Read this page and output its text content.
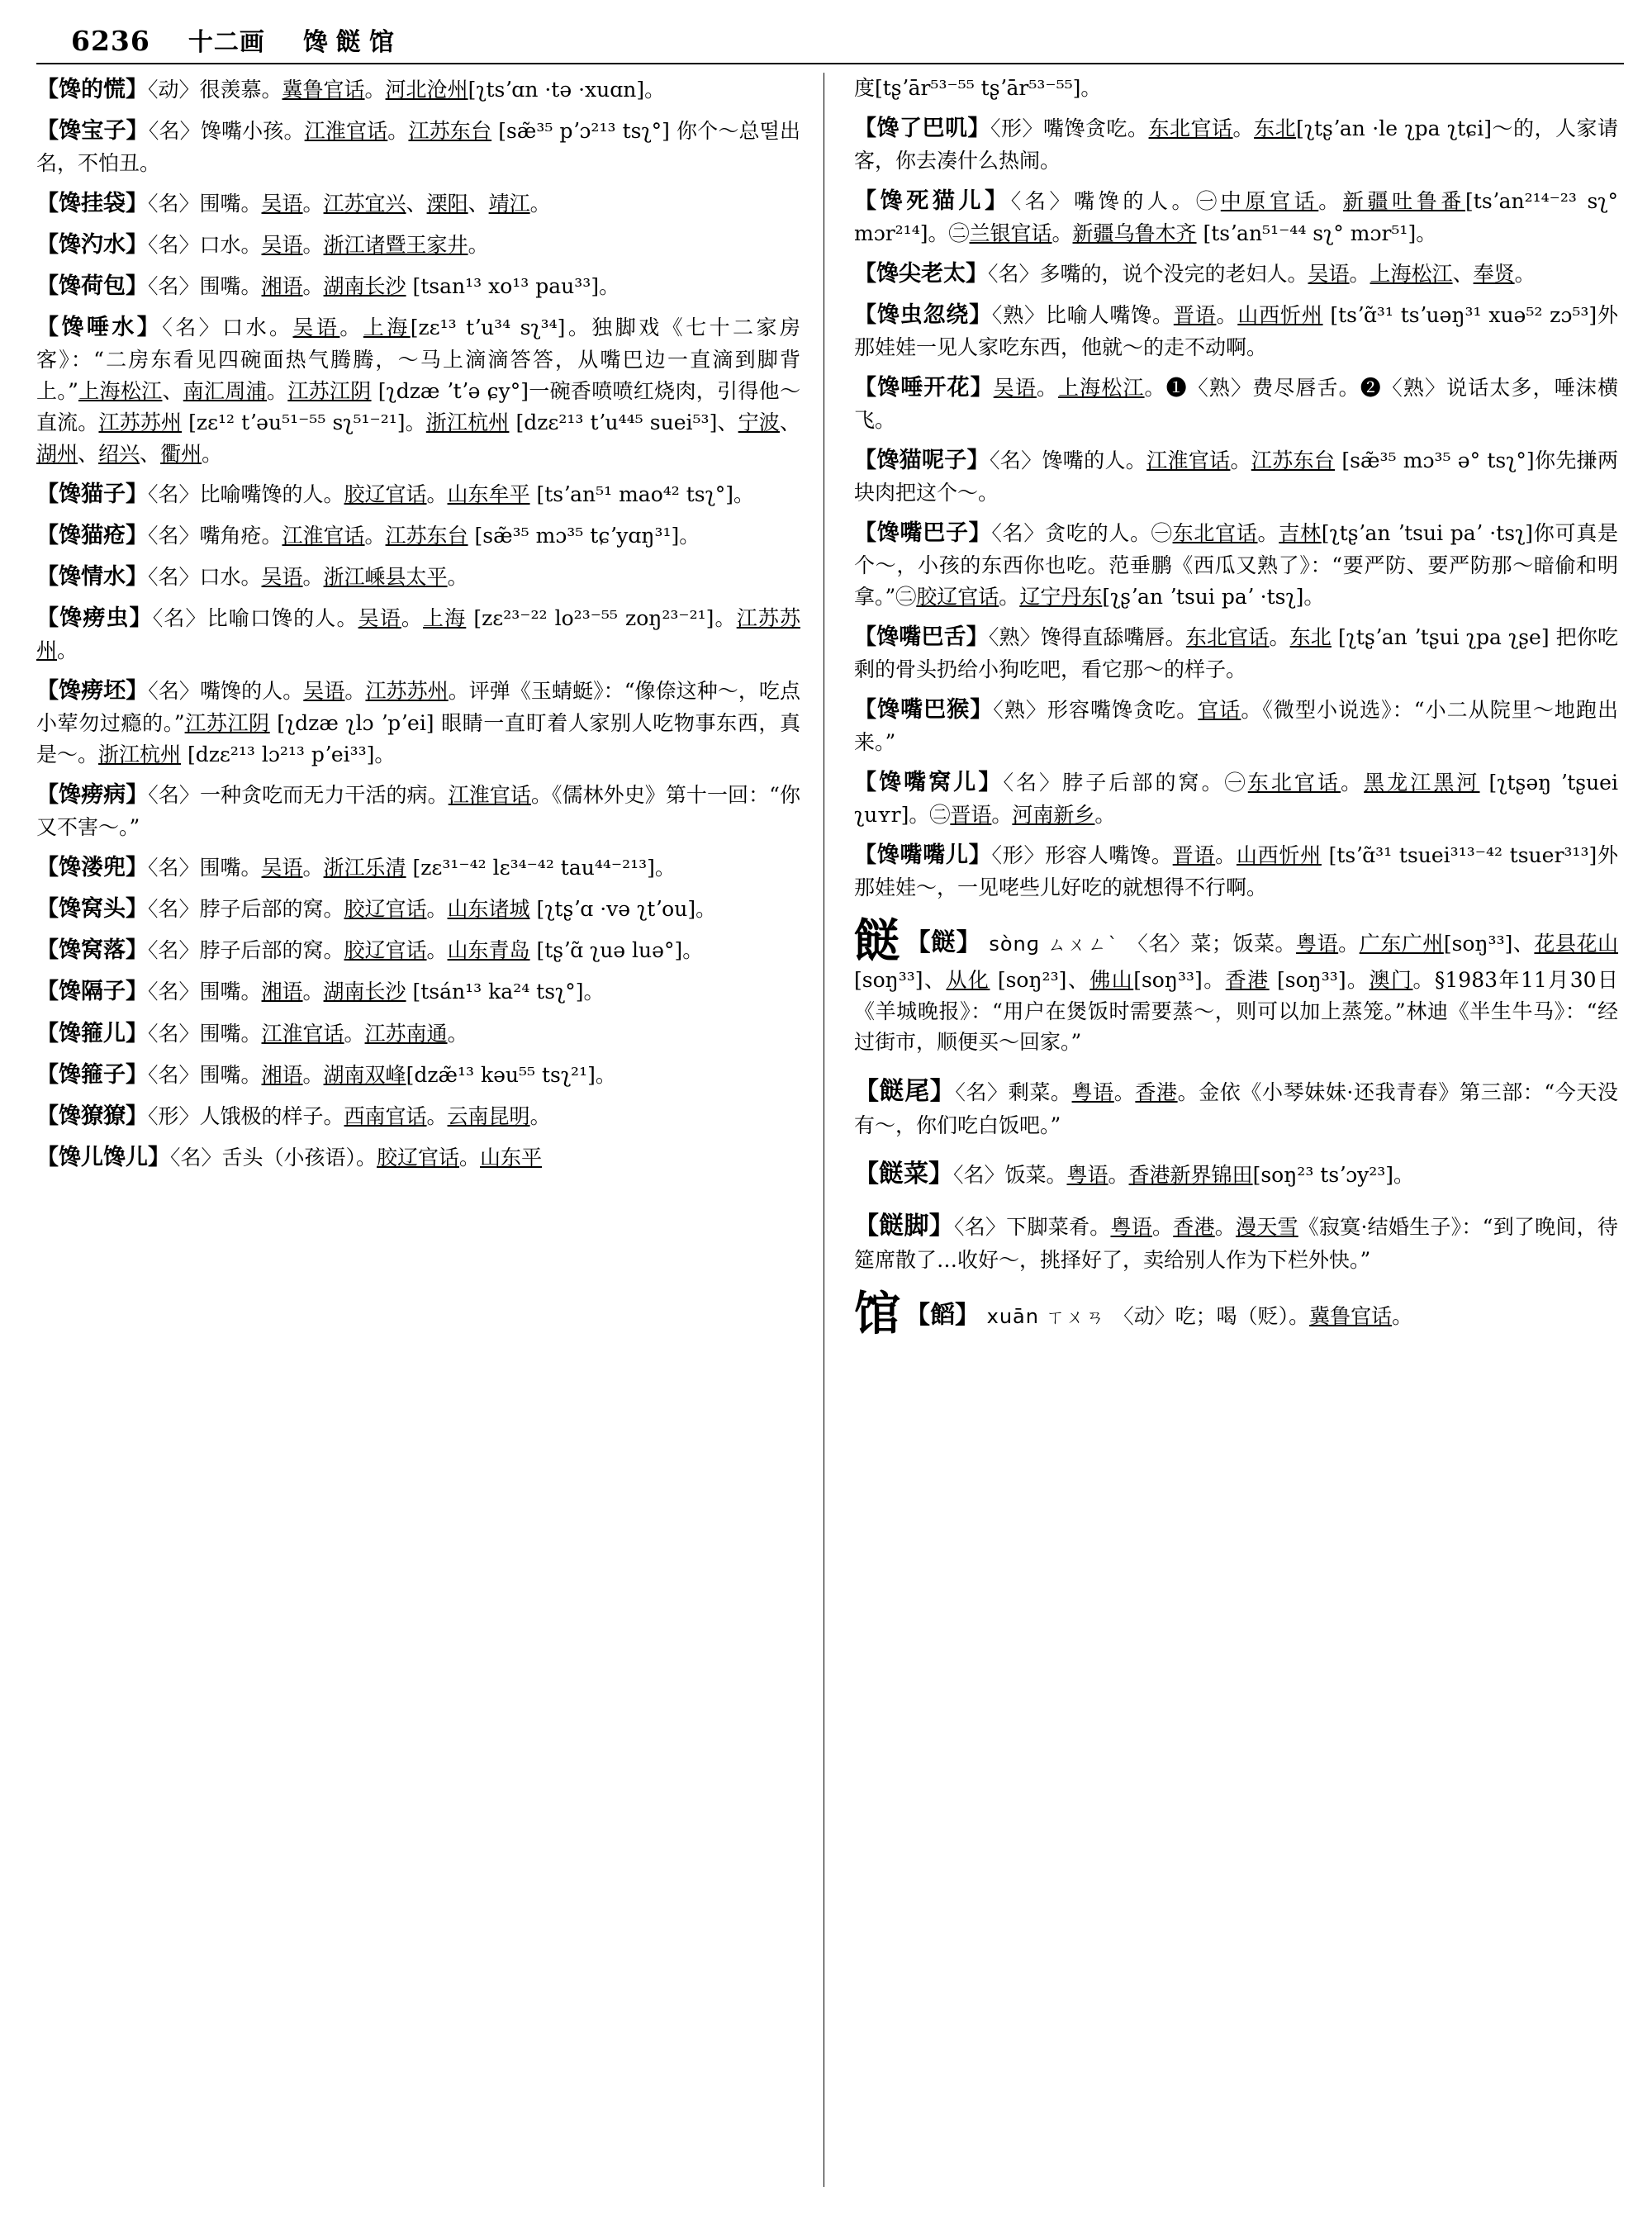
6236 十二画 馋餸馆
【馋的慌】〈动〉很羡慕。冀鲁官话。河北沧州[ʅtsʼɑn ·tə ·xuɑn]。
【馋宝子】〈名〉馋嘴小孩。江淮官话。江苏东台 [sæ̃³⁵ pʼɔ²¹³ tsʅ°] 你个～总떨出名，不怕丑。
【馋挂袋】〈名〉围嘴。吴语。江苏宜兴、溧阳、靖江。
【馋汋水】〈名〉口水。吴语。浙江诸暨王家井。
【馋荷包】〈名〉围嘴。湘语。湖南长沙 [tsan¹³ xo¹³ pau³³]。
【馋唾水】〈名〉口水。吴语。上海[zɛ¹³ tʼu³⁴ sʅ³⁴]。独脚戏《七十二家房客》：“二房东看见四碗面热气腾腾，～马上滴滴答答，从嘴巴边一直滴到脚背上。”上海松江、南汇周浦。江苏江阴 [ʅdzæ ʼtʼə ɕy°]一碗香喷喷红烧肉，引得他～直流。江苏苏州 [zɛ¹² tʼəu⁵¹⁻⁵⁵ sʅ⁵¹⁻²¹]。浙江杭州 [dzɛ²¹³ tʼu⁴⁴⁵ suei⁵³]、宁波、湖州、绍兴、衢州。
【馋猫子】〈名〉比喻嘴馋的人。胶辽官话。山东牟平 [tsʼan⁵¹ mao⁴² tsʅ°]。
【馋猫疮】〈名〉嘴角疮。江淮官话。江苏东台 [sæ̃³⁵ mɔ³⁵ tɕʼyɑŋ³¹]。
【馋情水】〈名〉口水。吴语。浙江嵊县太平。
【馋痨虫】〈名〉比喻口馋的人。吴语。上海 [zɛ²³⁻²² lo²³⁻⁵⁵ zoŋ²³⁻²¹]。江苏苏州。
【馋痨坯】〈名〉嘴馋的人。吴语。江苏苏州。评弹《玉蜻蜓》：“像倷这种～，吃点小荤勿过瘾的。”江苏江阴 [ʅdzæ ʅlɔ ʼpʼei] 眼睛一直盯着人家别人吃物事东西，真是～。浙江杭州 [dzɛ²¹³ lɔ²¹³ pʼei³³]。
【馋痨病】〈名〉一种贪吃而无力干活的病。江淮官话。《儒林外史》第十一回：“你又不害～。”
【馋溇兜】〈名〉围嘴。吴语。浙江乐清 [zɛ³¹⁻⁴² lɛ³⁴⁻⁴² tau⁴⁴⁻²¹³]。
【馋窝头】〈名〉脖子后部的窝。胶辽官话。山东诸城 [ʅtʂʼɑ ·və ʅtʼou]。
【馋窝落】〈名〉脖子后部的窝。胶辽官话。山东青岛 [tʂʼɑ̃ ʅuə luə°]。
【馋隔子】〈名〉围嘴。湘语。湖南长沙 [tsán¹³ ka²⁴ tsʅ°]。
【馋箍儿】〈名〉围嘴。江淮官话。江苏南通。
【馋箍子】〈名〉围嘴。湘语。湖南双峰[dzæ̃¹³ kəu⁵⁵ tsʅ²¹]。
【馋獠獠】〈形〉人饿极的样子。西南官话。云南昆明。
【馋儿馋儿】〈名〉舌头（小孩语）。胶辽官话。山东平
度[tʂʼār⁵³⁻⁵⁵ tʂʼār⁵³⁻⁵⁵]。
【馋了巴叽】〈形〉嘴馋贪吃。东北官话。东北[ʅtʂʼan ·le ʅpa ʅtɕi]～的，人家请客，你去凑什么热闹。
【馋死猫儿】〈名〉嘴馋的人。㊀中原官话。新疆吐鲁番[tsʼan²¹⁴⁻²³ sʅ° mɔr²¹⁴]。㊁兰银官话。新疆乌鲁木齐 [tsʼan⁵¹⁻⁴⁴ sʅ° mɔr⁵¹]。
【馋尖老太】〈名〉多嘴的，说个没完的老妇人。吴语。上海松江、奉贤。
【馋虫忽绕】〈熟〉比喻人嘴馋。晋语。山西忻州 [tsʼɑ̃³¹ tsʼuəŋ³¹ xuə⁵² zɔ⁵³]外那娃娃一见人家吃东西，他就～的走不动啊。
【馋唾开花】吴语。上海松江。❶〈熟〉费尽唇舌。❷〈熟〉说话太多，唾沫横飞。
【馋猫呢子】〈名〉馋嘴的人。江淮官话。江苏东台 [sæ̃³⁵ mɔ³⁵ ə° tsʅ°]你先搛两块肉把这个～。
【馋嘴巴子】〈名〉贪吃的人。㊀东北官话。吉林[ʅtʂʼan ʼtsui paʼ ·tsʅ]你可真是个～，小孩的东西你也吃。范垂鹏《西瓜又熟了》：“要严防、要严防那～暗偷和明拿。”㊁胶辽官话。辽宁丹东[ʅʂʼan ʼtsui paʼ ·tsʅ]。
【馋嘴巴舌】〈熟〉馋得直舔嘴唇。东北官话。东北 [ʅtʂʼan ʼtʂui ʅpa ʅʂe] 把你吃剩的骨头扔给小狗吃吧，看它那～的样子。
【馋嘴巴猴】〈熟〉形容嘴馋贪吃。官话。《微型小说选》：“小二从院里～地跑出来。”
【馋嘴窝儿】〈名〉脖子后部的窝。㊀东北官话。黑龙江黑河 [ʅtʂəŋ ʼtʂuei ʅuʏr]。㊁晋语。河南新乡。
【馋嘴嘴儿】〈形〉形容人嘴馋。晋语。山西忻州 [tsʼɑ̃³¹ tsuei³¹³⁻⁴² tsuer³¹³]外那娃娃～，一见咾些儿好吃的就想得不行啊。
餸 【餸】 sònɡ ㄙㄨㄥˋ 〈名〉菜；饭菜。粤语。广东广州[soŋ³³]、花县花山 [soŋ³³]、从化 [soŋ²³]、佛山[soŋ³³]。香港 [soŋ³³]。澳门。§1983年11月30日《羊城晚报》：“用户在煲饭时需要蒸～，则可以加上蒸笼。”林迪《半生牛马》：“经过街市，顺便买～回家。”
【餸尾】〈名〉剩菜。粤语。香港。金依《小琴妹妹·还我青春》第三部：“今天没有～，你们吃白饭吧。”
【餸菜】〈名〉饭菜。粤语。香港新界锦田[soŋ²³ tsʼɔy²³]。
【餸脚】〈名〉下脚菜肴。粤语。香港。漫天雪《寂寞·结婚生子》：“到了晚间，待筵席散了…收好～，挑择好了，卖给别人作为下栏外快。”
馆 【饀】 xuān ㄒㄨㄢ 〈动〉吃；喝（贬）。冀鲁官话。
